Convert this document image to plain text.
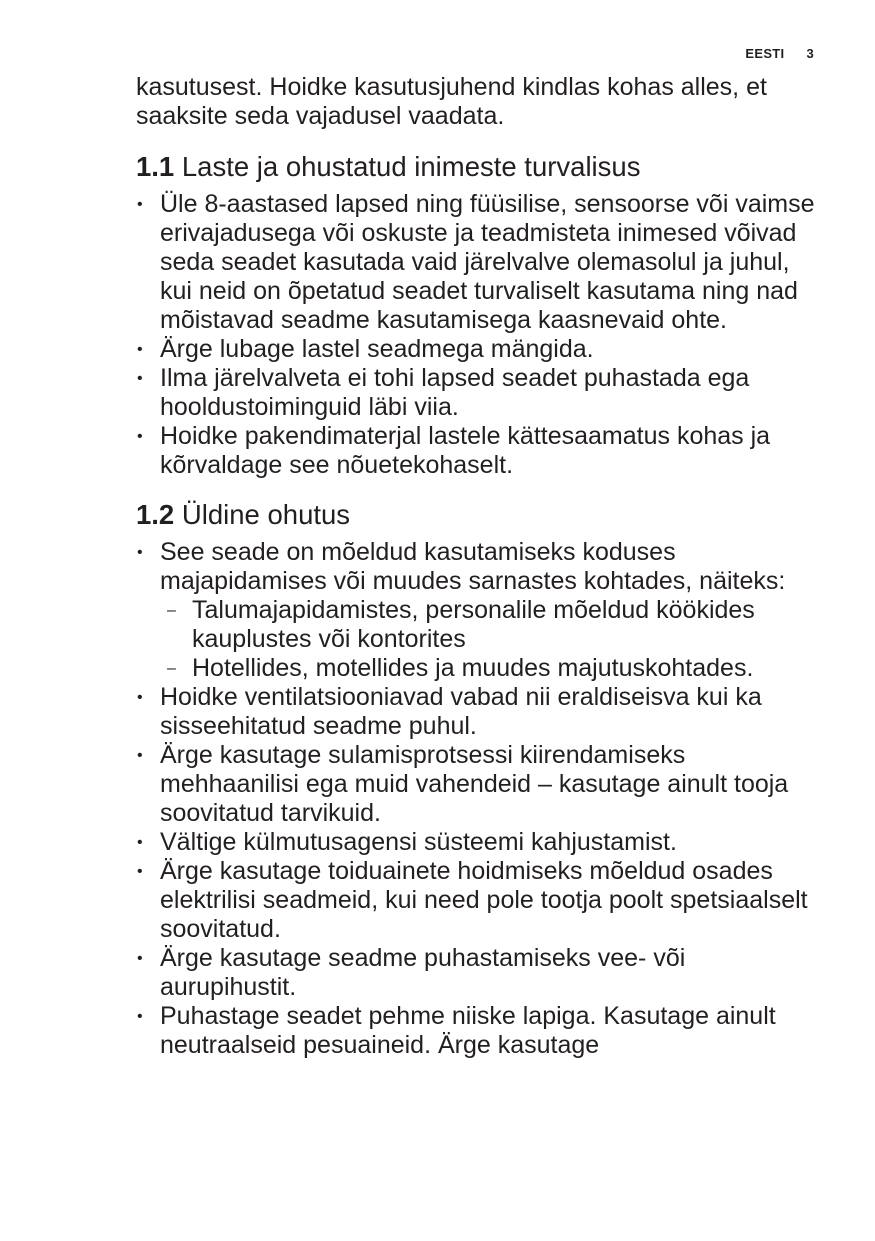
EESTI 3

kasutusest. Hoidke kasutusjuhend kindlas kohas alles, et saaksite seda vajadusel vaadata.

1.1 Laste ja ohustatud inimeste turvalisus
• Üle 8-aastased lapsed ning füüsilise, sensoorse või vaimse erivajadusega või oskuste ja teadmisteta inimesed võivad seda seadet kasutada vaid järelvalve olemasolul ja juhul, kui neid on õpetatud seadet turvaliselt kasutama ning nad mõistavad seadme kasutamisega kaasnevaid ohte.
• Ärge lubage lastel seadmega mängida.
• Ilma järelvalveta ei tohi lapsed seadet puhastada ega hooldustoiminguid läbi viia.
• Hoidke pakendimaterjal lastele kättesaamatus kohas ja kõrvaldage see nõuetekohaselt.
1.2 Üldine ohutus
• See seade on mõeldud kasutamiseks koduses majapidamises või muudes sarnastes kohtades, näiteks:
– Talumajapidamistes, personalile mõeldud köökides kauplustes või kontorites
– Hotellides, motellides ja muudes majutuskohtades.
• Hoidke ventilatsiooniavad vabad nii eraldiseisva kui ka sisseehitatud seadme puhul.
• Ärge kasutage sulamisprotsessi kiirendamiseks mehhaanilisi ega muid vahendeid – kasutage ainult tooja soovitatud tarvikuid.
• Vältige külmutusagensi süsteemi kahjustamist.
• Ärge kasutage toiduainete hoidmiseks mõeldud osades elektrilisi seadmeid, kui need pole tootja poolt spetsiaalselt soovitatud.
• Ärge kasutage seadme puhastamiseks vee- või aurupihustit.
• Puhastage seadet pehme niiske lapiga. Kasutage ainult neutraalseid pesuaineid. Ärge kasutage
